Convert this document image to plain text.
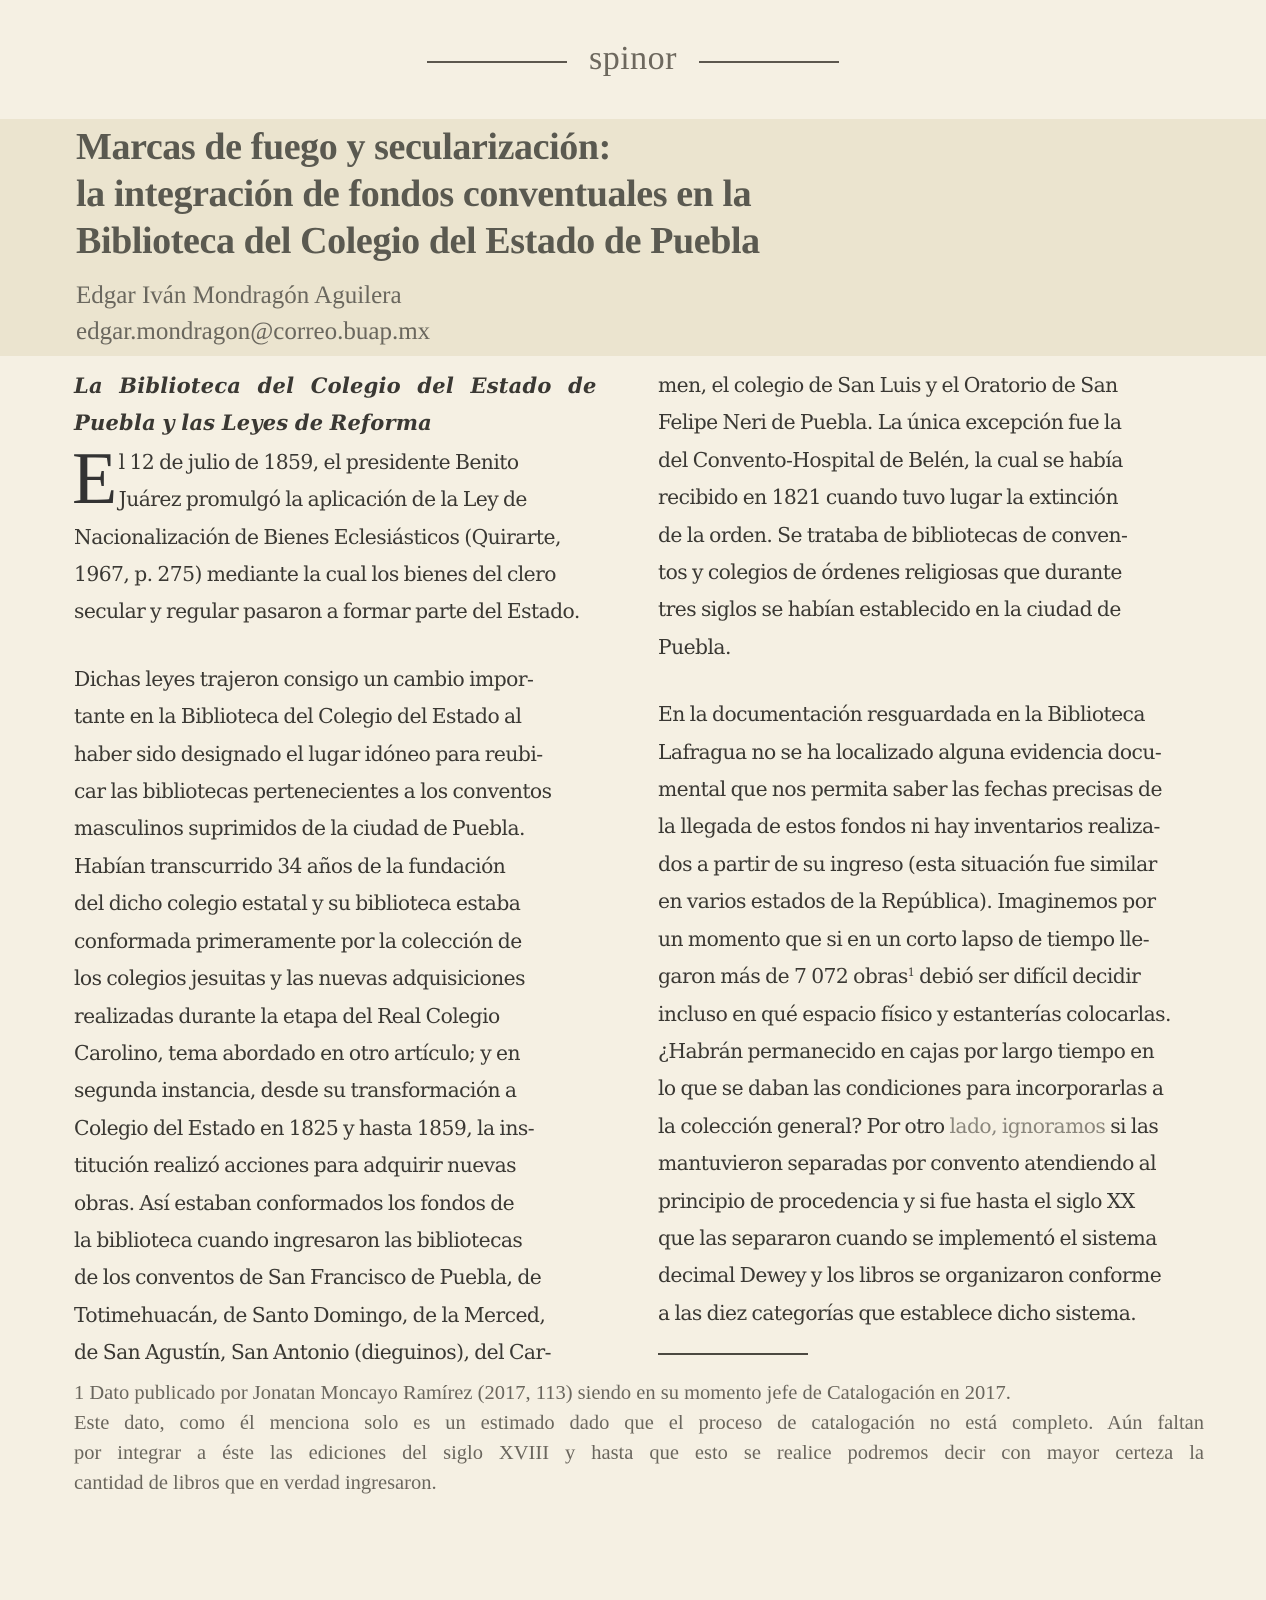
spinor
Marcas de fuego y secularización:
la integración de fondos conventuales en la
Biblioteca del Colegio del Estado de Puebla
Edgar Iván Mondragón Aguilera
edgar.mondragon@correo.buap.mx
La Biblioteca del Colegio del Estado de
Puebla y las Leyes de Reforma

E l 12 de julio de 1859, el presidente Benito
Juárez promulgó la aplicación de la Ley de
Nacionalización de Bienes Eclesiásticos (Quirarte,
1967, p. 275) mediante la cual los bienes del clero
secular y regular pasaron a formar parte del Estado.

Dichas leyes trajeron consigo un cambio impor-
tante en la Biblioteca del Colegio del Estado al
haber sido designado el lugar idóneo para reubi-
car las bibliotecas pertenecientes a los conventos
masculinos suprimidos de la ciudad de Puebla.
Habían transcurrido 34 años de la fundación
del dicho colegio estatal y su biblioteca estaba
conformada primeramente por la colección de
los colegios jesuitas y las nuevas adquisiciones
realizadas durante la etapa del Real Colegio
Carolino, tema abordado en otro artículo; y en
segunda instancia, desde su transformación a
Colegio del Estado en 1825 y hasta 1859, la ins-
titución realizó acciones para adquirir nuevas
obras. Así estaban conformados los fondos de
la biblioteca cuando ingresaron las bibliotecas
de los conventos de San Francisco de Puebla, de
Totimehuacán, de Santo Domingo, de la Merced,
de San Agustín, San Antonio (dieguinos), del Car-

men, el colegio de San Luis y el Oratorio de San
Felipe Neri de Puebla. La única excepción fue la
del Convento-Hospital de Belén, la cual se había
recibido en 1821 cuando tuvo lugar la extinción
de la orden. Se trataba de bibliotecas de conven-
tos y colegios de órdenes religiosas que durante
tres siglos se habían establecido en la ciudad de
Puebla.

En la documentación resguardada en la Biblioteca
Lafragua no se ha localizado alguna evidencia docu-
mental que nos permita saber las fechas precisas de
la llegada de estos fondos ni hay inventarios realiza-
dos a partir de su ingreso (esta situación fue similar
en varios estados de la República). Imaginemos por
un momento que si en un corto lapso de tiempo lle-
garon más de 7 072 obras$^1$ debió ser difícil decidir
incluso en qué espacio físico y estanterías colocarlas.
¿Habrán permanecido en cajas por largo tiempo en
lo que se daban las condiciones para incorporarlas a
la colección general? Por otro lado, ignoramos si las
mantuvieron separadas por convento atendiendo al
principio de procedencia y si fue hasta el siglo XX
que las separaron cuando se implementó el sistema
decimal Dewey y los libros se organizaron conforme
a las diez categorías que establece dicho sistema.

1 Dato publicado por Jonatan Moncayo Ramírez (2017, 113) siendo en su momento jefe de Catalogación en 2017.
Este dato, como él menciona solo es un estimado dado que el proceso de catalogación no está completo. Aún faltan
por integrar a éste las ediciones del siglo XVIII y hasta que esto se realice podremos decir con mayor certeza la
cantidad de libros que en verdad ingresaron.
